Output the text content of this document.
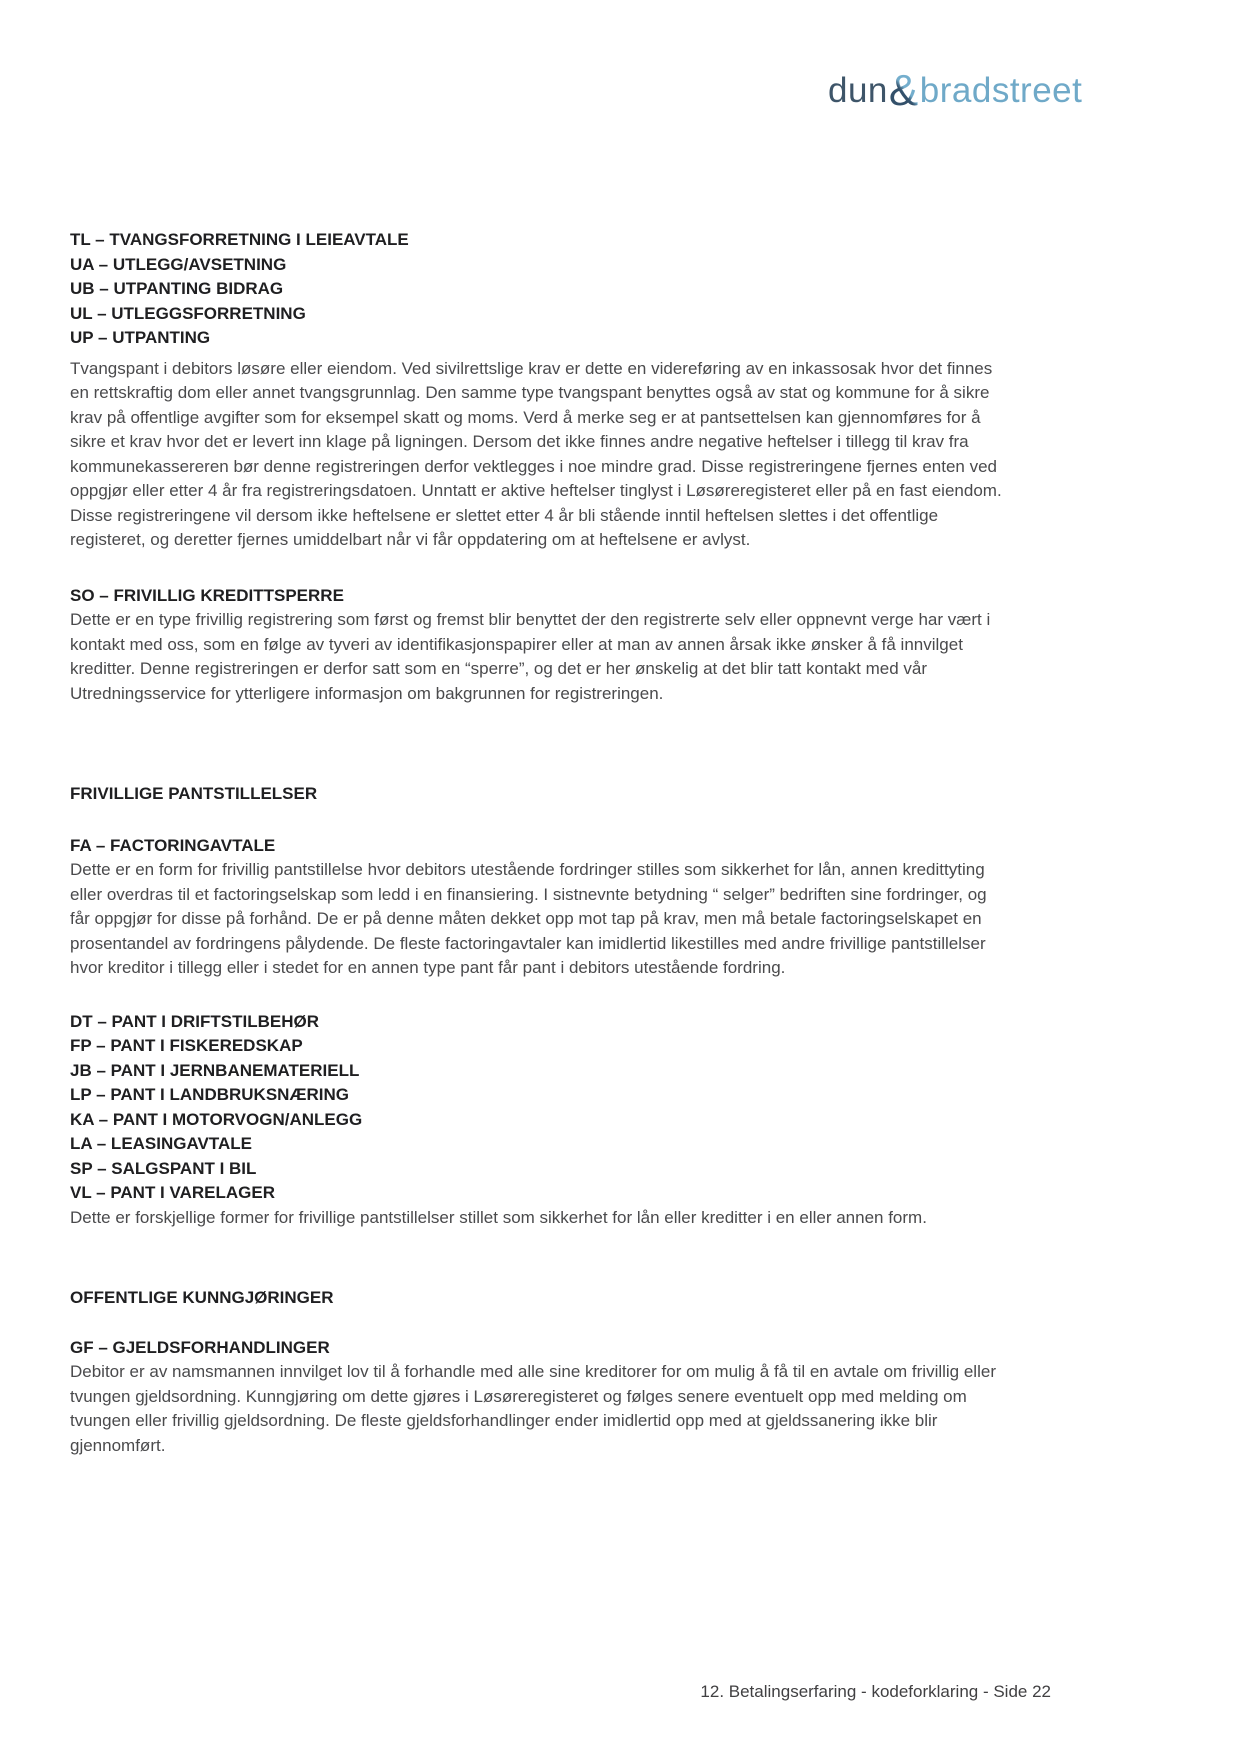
dun&bradstreet
TL – TVANGSFORRETNING I LEIEAVTALE
UA – UTLEGG/AVSETNING
UB – UTPANTING BIDRAG
UL – UTLEGGSFORRETNING
UP – UTPANTING
Tvangspant i debitors løsøre eller eiendom. Ved sivilrettslige krav er dette en videreføring av en inkassosak hvor det finnes en rettskraftig dom eller annet tvangsgrunnlag. Den samme type tvangspant benyttes også av stat og kommune for å sikre krav på offentlige avgifter som for eksempel skatt og moms. Verd å merke seg er at pantsettelsen kan gjennomføres for å sikre et krav hvor det er levert inn klage på ligningen. Dersom det ikke finnes andre negative heftelser i tillegg til krav fra kommunekassereren bør denne registreringen derfor vektlegges i noe mindre grad. Disse registreringene fjernes enten ved oppgjør eller etter 4 år fra registreringsdatoen. Unntatt er aktive heftelser tinglyst i Løsøreregisteret eller på en fast eiendom. Disse registreringene vil dersom ikke heftelsene er slettet etter 4 år bli stående inntil heftelsen slettes i det offentlige registeret, og deretter fjernes umiddelbart når vi får oppdatering om at heftelsene er avlyst.
SO – FRIVILLIG KREDITTSPERRE
Dette er en type frivillig registrering som først og fremst blir benyttet der den registrerte selv eller oppnevnt verge har vært i kontakt med oss, som en følge av tyveri av identifikasjonspapirer eller at man av annen årsak ikke ønsker å få innvilget kreditter. Denne registreringen er derfor satt som en “sperre”, og det er her ønskelig at det blir tatt kontakt med vår Utredningsservice for ytterligere informasjon om bakgrunnen for registreringen.
FRIVILLIGE PANTSTILLELSER
FA – FACTORINGAVTALE
Dette er en form for frivillig pantstillelse hvor debitors utestående fordringer stilles som sikkerhet for lån, annen kredittyting eller overdras til et factoringselskap som ledd i en finansiering. I sistnevnte betydning “ selger” bedriften sine fordringer, og får oppgjør for disse på forhånd. De er på denne måten dekket opp mot tap på krav, men må betale factoringselskapet en prosentandel av fordringens pålydende. De fleste factoringavtaler kan imidlertid likestilles med andre frivillige pantstillelser hvor kreditor i tillegg eller i stedet for en annen type pant får pant i debitors utestående fordring.
DT – PANT I DRIFTSTILBEHØR
FP – PANT I FISKEREDSKAP
JB – PANT I JERNBANEMATERIELL
LP – PANT I LANDBRUKSNÆRING
KA – PANT I MOTORVOGN/ANLEGG
LA – LEASINGAVTALE
SP – SALGSPANT I BIL
VL – PANT I VARELAGER
Dette er forskjellige former for frivillige pantstillelser stillet som sikkerhet for lån eller kreditter i en eller annen form.
OFFENTLIGE KUNNGJØRINGER
GF – GJELDSFORHANDLINGER
Debitor er av namsmannen innvilget lov til å forhandle med alle sine kreditorer for om mulig å få til en avtale om frivillig eller tvungen gjeldsordning. Kunngjøring om dette gjøres i Løsøreregisteret og følges senere eventuelt opp med melding om tvungen eller frivillig gjeldsordning. De fleste gjeldsforhandlinger ender imidlertid opp med at gjeldssanering ikke blir gjennomført.
12. Betalingserfaring - kodeforklaring - Side 22
